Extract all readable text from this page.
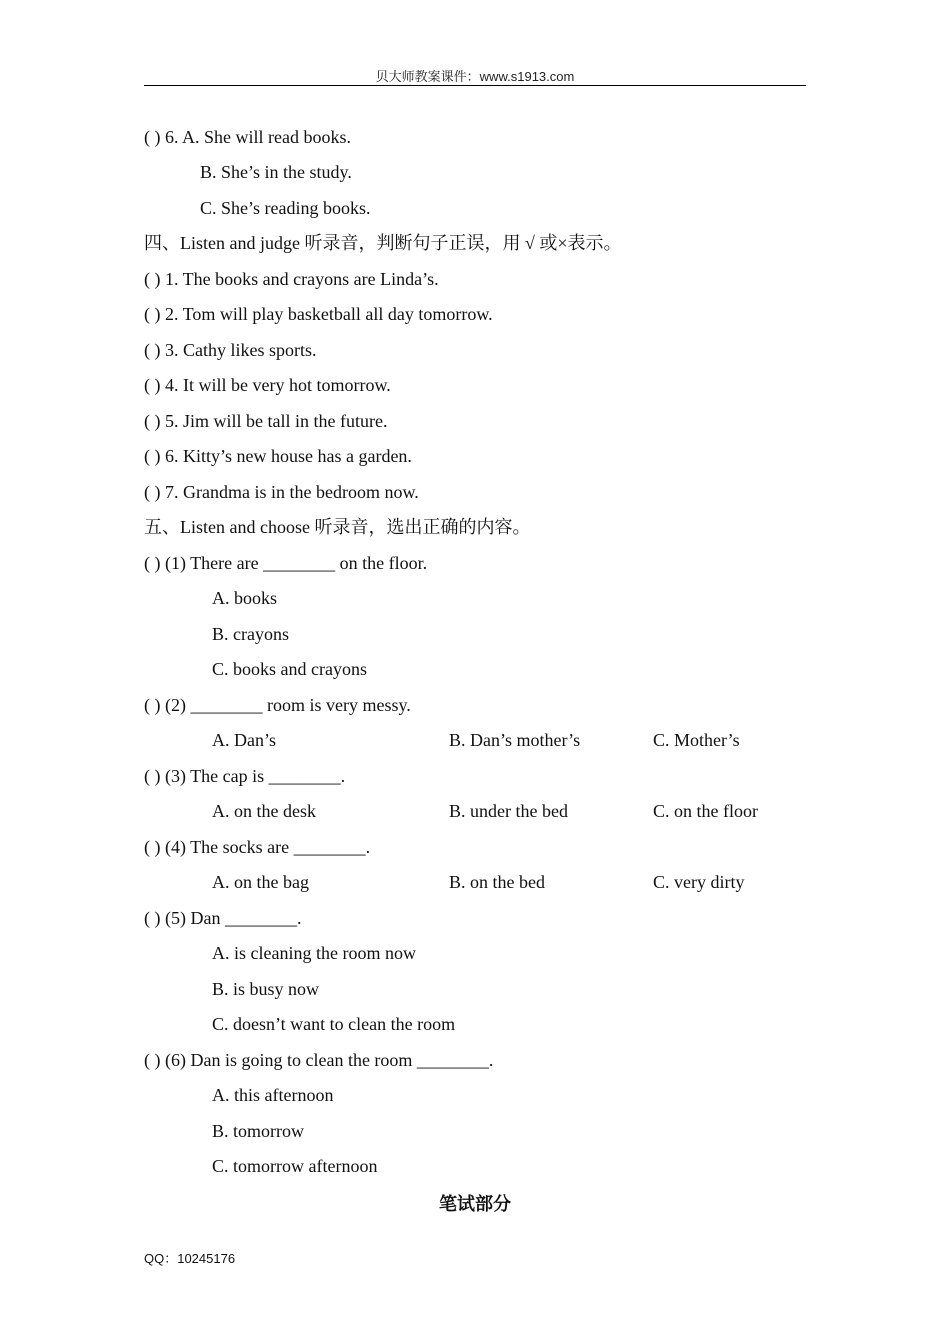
贝大师教案课件：www.s1913.com
( ) 6. A. She will read books.
B. She’s in the study.
C. She’s reading books.
四、Listen and judge 听录音，判断句子正误，用 √ 或×表示。
( ) 1. The books and crayons are Linda’s.
( ) 2. Tom will play basketball all day tomorrow.
( ) 3. Cathy likes sports.
( ) 4. It will be very hot tomorrow.
( ) 5. Jim will be tall in the future.
( ) 6. Kitty’s new house has a garden.
( ) 7. Grandma is in the bedroom now.
五、Listen and choose 听录音，选出正确的内容。
( ) (1) There are ________ on the floor.
A. books
B. crayons
C. books and crayons
( ) (2) ________ room is very messy.
A. Dan’s	B. Dan’s mother’s	C. Mother’s
( ) (3) The cap is ________.
A. on the desk	B. under the bed	C. on the floor
( ) (4) The socks are ________.
A. on the bag	B. on the bed	C. very dirty
( ) (5) Dan ________.
A. is cleaning the room now
B. is busy now
C. doesn’t want to clean the room
( ) (6) Dan is going to clean the room ________.
A. this afternoon
B. tomorrow
C. tomorrow afternoon
笔试部分
QQ：10245176
